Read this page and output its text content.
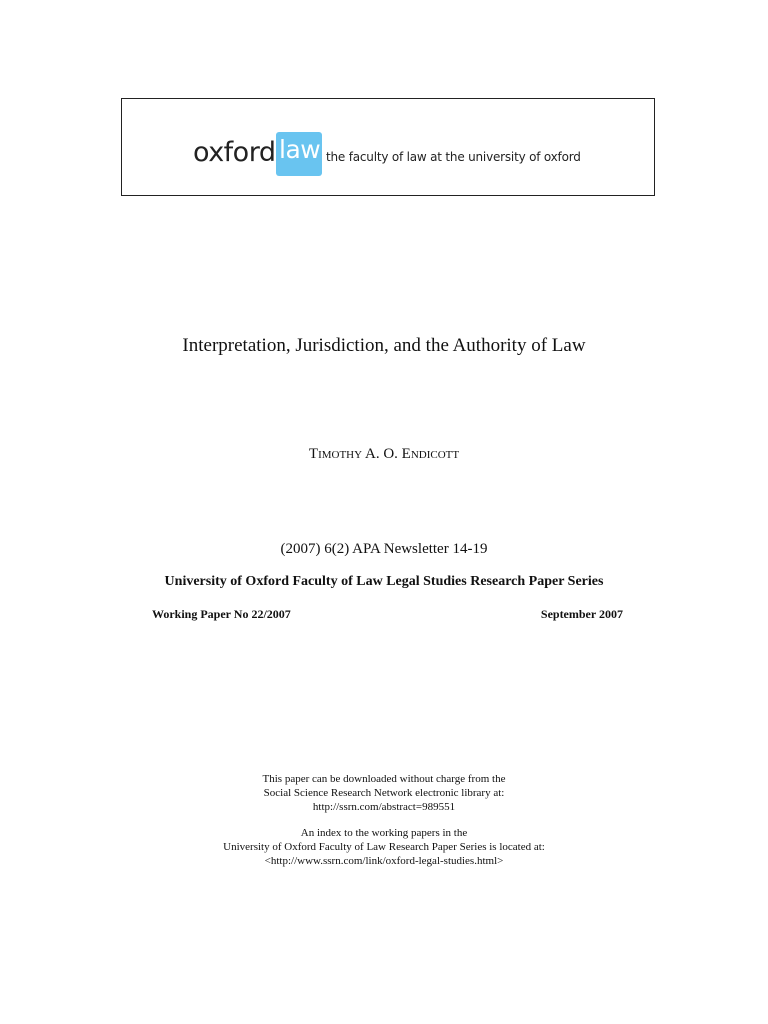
oxford law the faculty of law at the university of oxford
Interpretation, Jurisdiction, and the Authority of Law
Timothy A. O. Endicott
(2007) 6(2) APA Newsletter 14-19
University of Oxford Faculty of Law Legal Studies Research Paper Series
Working Paper No 22/2007	September 2007
This paper can be downloaded without charge from the
Social Science Research Network electronic library at:
http://ssrn.com/abstract=989551
An index to the working papers in the
University of Oxford Faculty of Law Research Paper Series is located at:
<http://www.ssrn.com/link/oxford-legal-studies.html>
